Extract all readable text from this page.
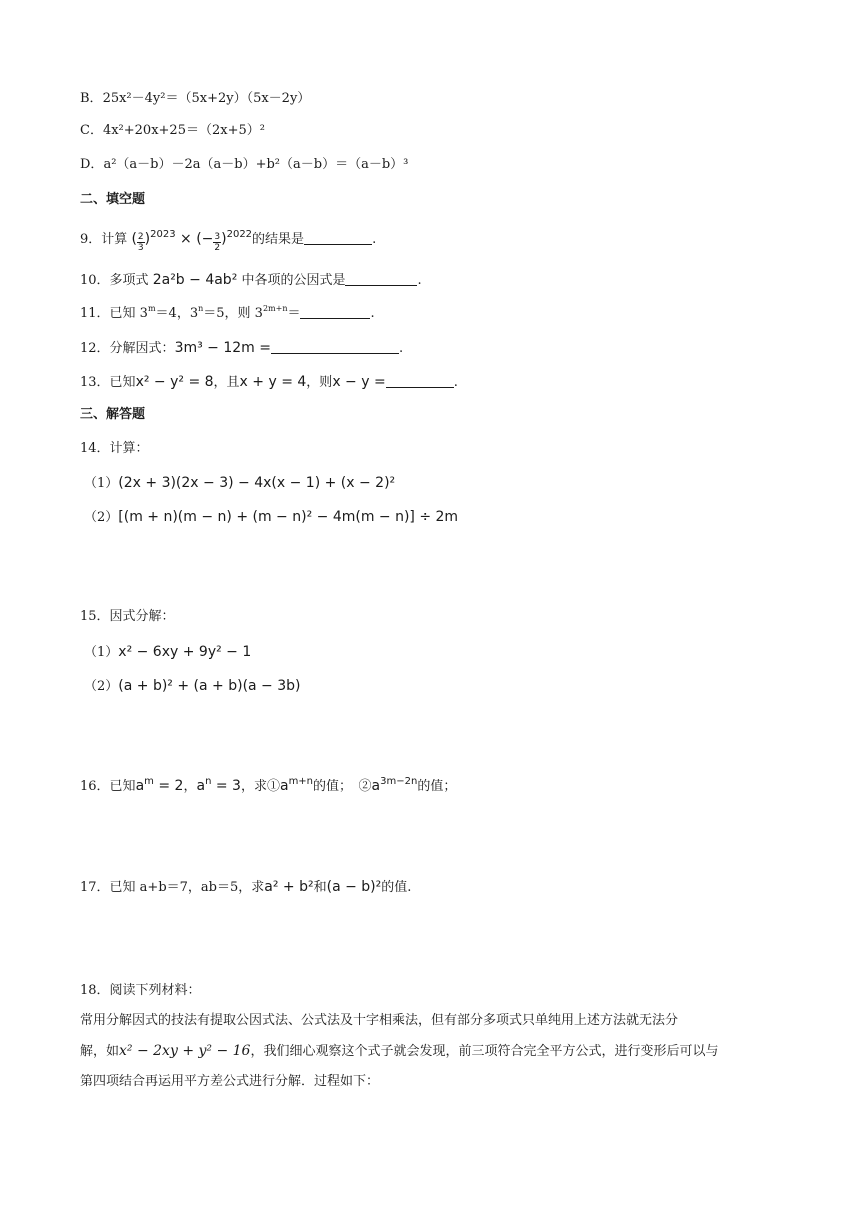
B．25x²－4y²＝（5x+2y）（5x－2y）
C．4x²+20x+25＝（2x+5）²
D．a²（a－b）－2a（a－b）+b²（a－b）＝（a－b）³
二、填空题
9．计算 ( $\frac{2}{3} )^{2023}$ × (− $\frac{3}{2} )^{2022}$的结果是	.
10．多项式 2a²b − 4ab² 中各项的公因式是	.
11．已知 $3^m=4$，$3^n=5$，则 $3^{2m+n}=$	.
12．分解因式：3m³ − 12m =	.
13．已知x² − y² = 8，且x + y = 4，则x − y =	.
三、解答题
14．计算：
（1）(2x + 3)(2x − 3) − 4x(x − 1) + (x − 2)²
（2）[(m + n)(m − n) + (m − n)² − 4m(m − n)] ÷ 2m
15．因式分解：
（1）x² − 6xy + 9y² − 1
（2）(a + b)² + (a + b)(a − 3b)
16．已知$a^m = 2$，$a^n = 3$，求$①a^{m+n}$的值；　$②a^{3m-2n}$的值；
17．已知 a+b＝7，ab＝5，求a² + b²和(a − b)²的值.
18．阅读下列材料：
常用分解因式的技法有提取公因式法、公式法及十字相乘法，但有部分多项式只单纯用上述方法就无法分
解，如x² − 2xy + y² − 16，我们细心观察这个式子就会发现，前三项符合完全平方公式，进行变形后可以与
第四项结合再运用平方差公式进行分解．过程如下：
